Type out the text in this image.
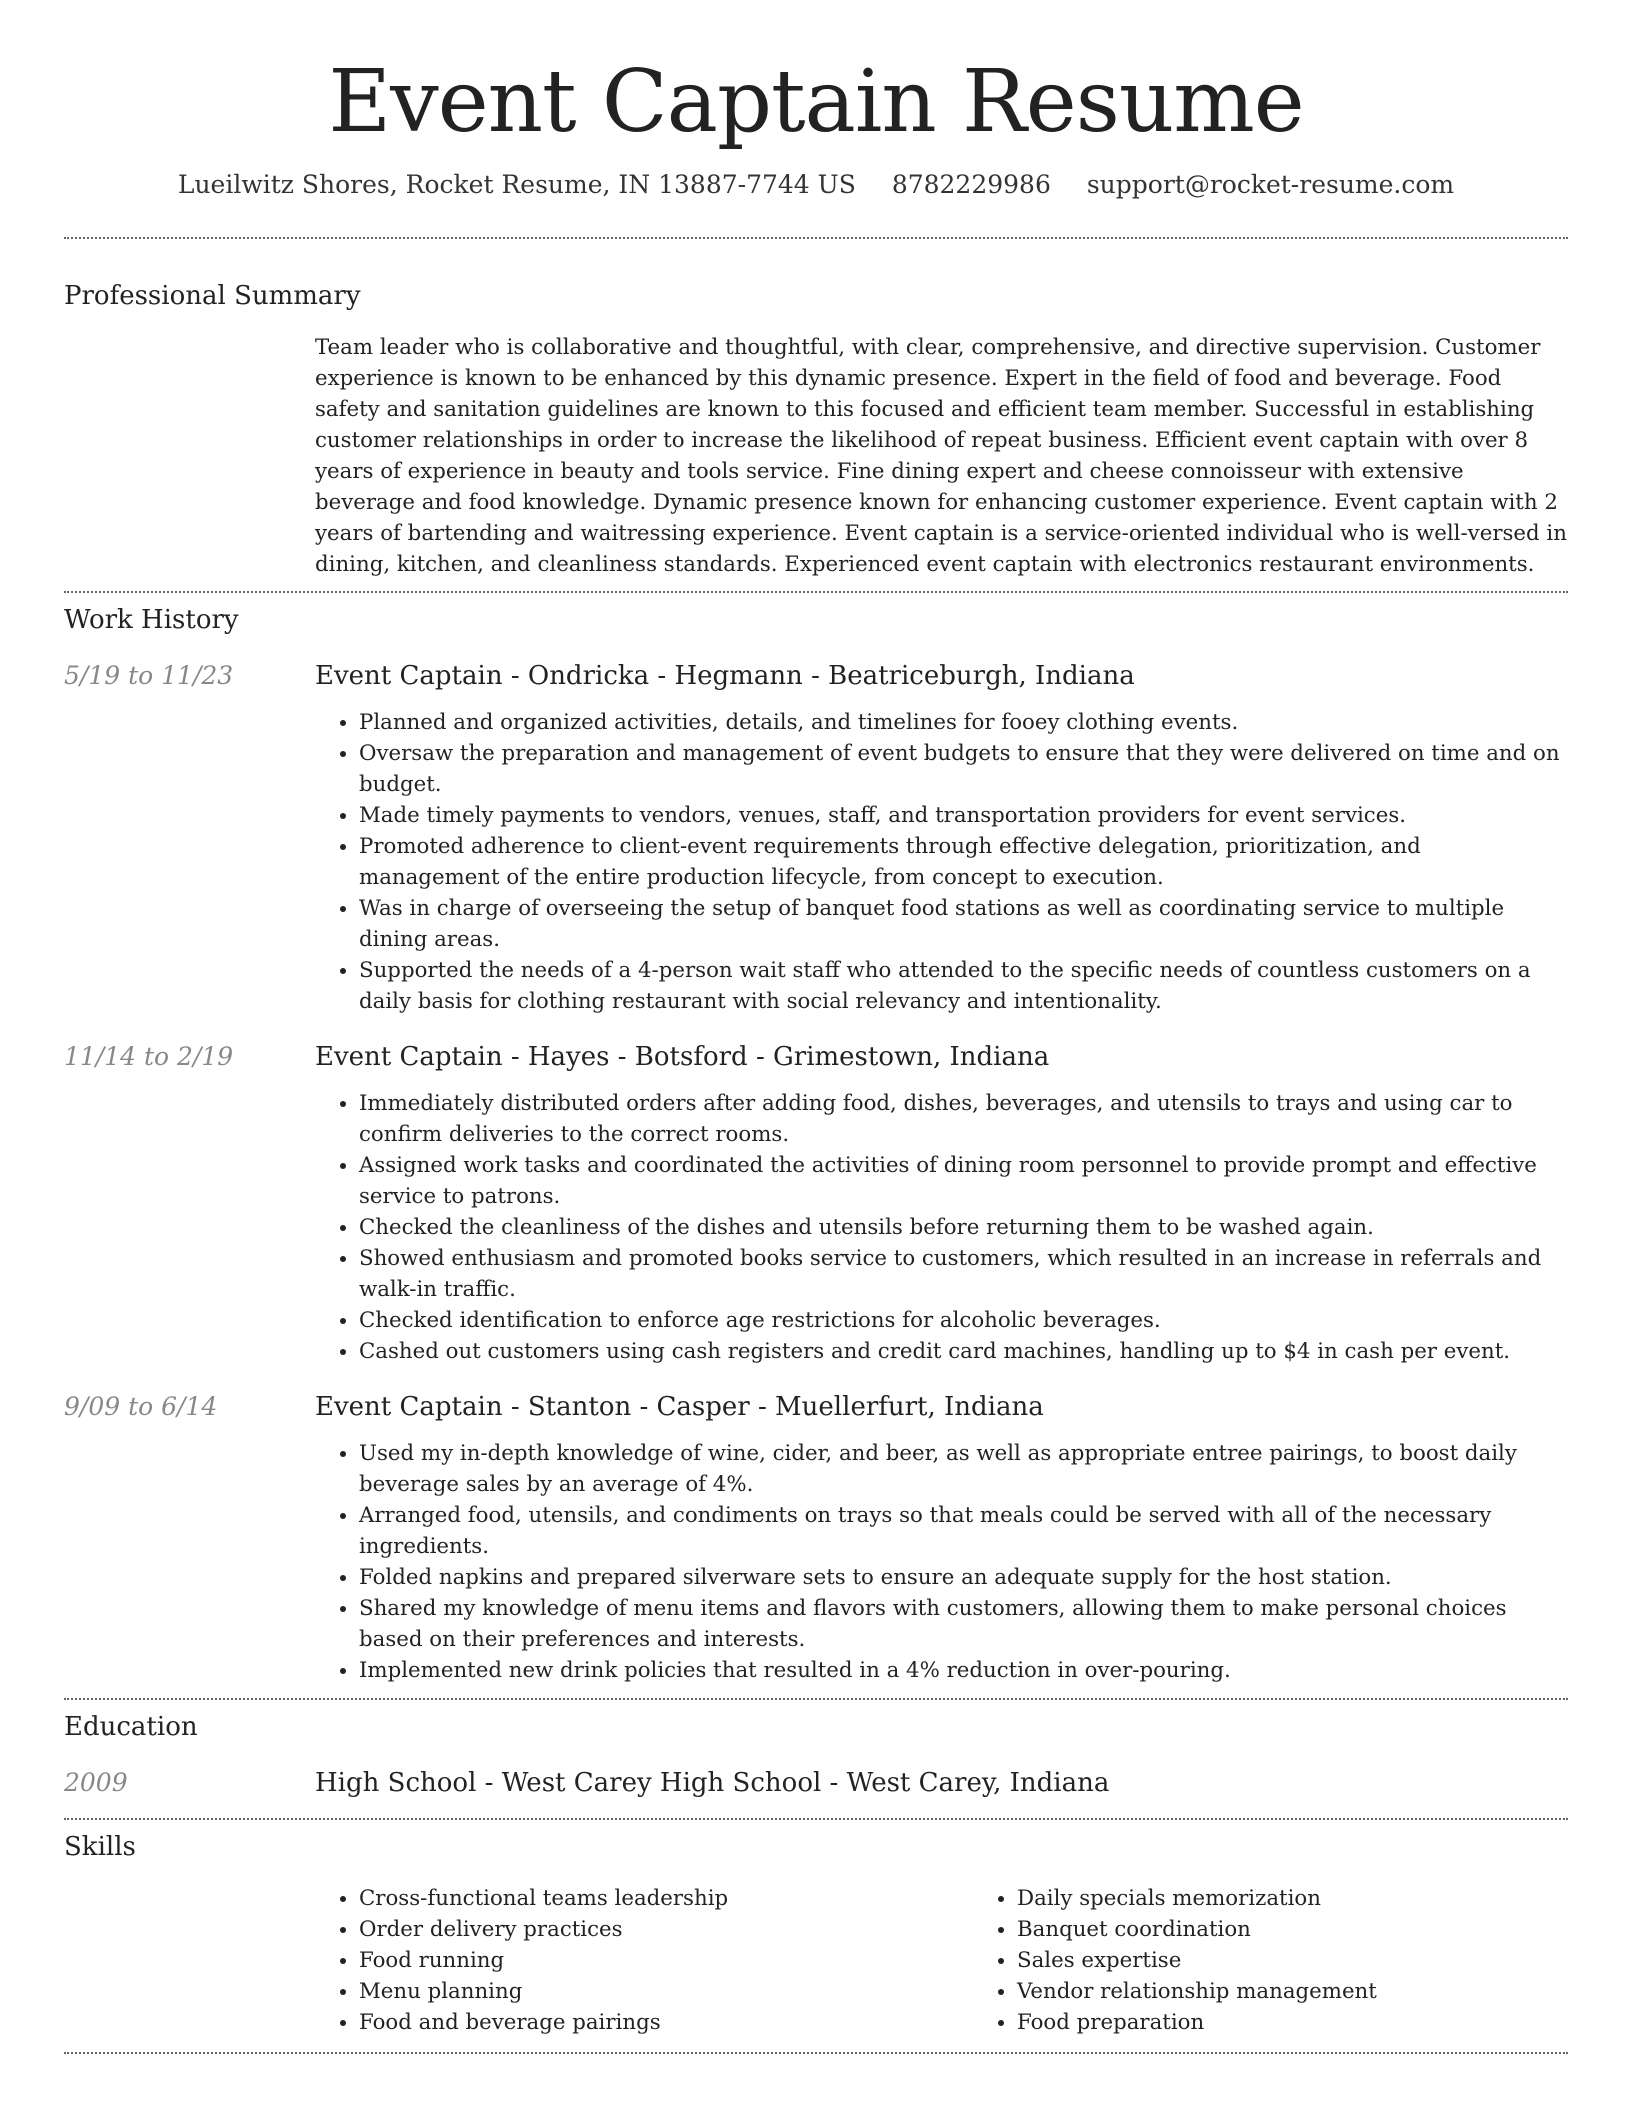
Event Captain Resume
Lueilwitz Shores, Rocket Resume, IN 13887-7744 US 8782229986 support@rocket-resume.com
Professional Summary
Team leader who is collaborative and thoughtful, with clear, comprehensive, and directive supervision. Customer experience is known to be enhanced by this dynamic presence. Expert in the field of food and beverage. Food safety and sanitation guidelines are known to this focused and efficient team member. Successful in establishing customer relationships in order to increase the likelihood of repeat business. Efficient event captain with over 8 years of experience in beauty and tools service. Fine dining expert and cheese connoisseur with extensive beverage and food knowledge. Dynamic presence known for enhancing customer experience. Event captain with 2 years of bartending and waitressing experience. Event captain is a service-oriented individual who is well-versed in dining, kitchen, and cleanliness standards. Experienced event captain with electronics restaurant environments.
Work History
5/19 to 11/23	Event Captain - Ondricka - Hegmann - Beatriceburgh, Indiana
• Planned and organized activities, details, and timelines for fooey clothing events.
• Oversaw the preparation and management of event budgets to ensure that they were delivered on time and on budget.
• Made timely payments to vendors, venues, staff, and transportation providers for event services.
• Promoted adherence to client-event requirements through effective delegation, prioritization, and management of the entire production lifecycle, from concept to execution.
• Was in charge of overseeing the setup of banquet food stations as well as coordinating service to multiple dining areas.
• Supported the needs of a 4-person wait staff who attended to the specific needs of countless customers on a daily basis for clothing restaurant with social relevancy and intentionality.
11/14 to 2/19	Event Captain - Hayes - Botsford - Grimestown, Indiana
• Immediately distributed orders after adding food, dishes, beverages, and utensils to trays and using car to confirm deliveries to the correct rooms.
• Assigned work tasks and coordinated the activities of dining room personnel to provide prompt and effective service to patrons.
• Checked the cleanliness of the dishes and utensils before returning them to be washed again.
• Showed enthusiasm and promoted books service to customers, which resulted in an increase in referrals and walk-in traffic.
• Checked identification to enforce age restrictions for alcoholic beverages.
• Cashed out customers using cash registers and credit card machines, handling up to $4 in cash per event.
9/09 to 6/14	Event Captain - Stanton - Casper - Muellerfurt, Indiana
• Used my in-depth knowledge of wine, cider, and beer, as well as appropriate entree pairings, to boost daily beverage sales by an average of 4%.
• Arranged food, utensils, and condiments on trays so that meals could be served with all of the necessary ingredients.
• Folded napkins and prepared silverware sets to ensure an adequate supply for the host station.
• Shared my knowledge of menu items and flavors with customers, allowing them to make personal choices based on their preferences and interests.
• Implemented new drink policies that resulted in a 4% reduction in over-pouring.
Education
2009	High School - West Carey High School - West Carey, Indiana
Skills
• Cross-functional teams leadership
• Order delivery practices
• Food running
• Menu planning
• Food and beverage pairings
• Daily specials memorization
• Banquet coordination
• Sales expertise
• Vendor relationship management
• Food preparation
